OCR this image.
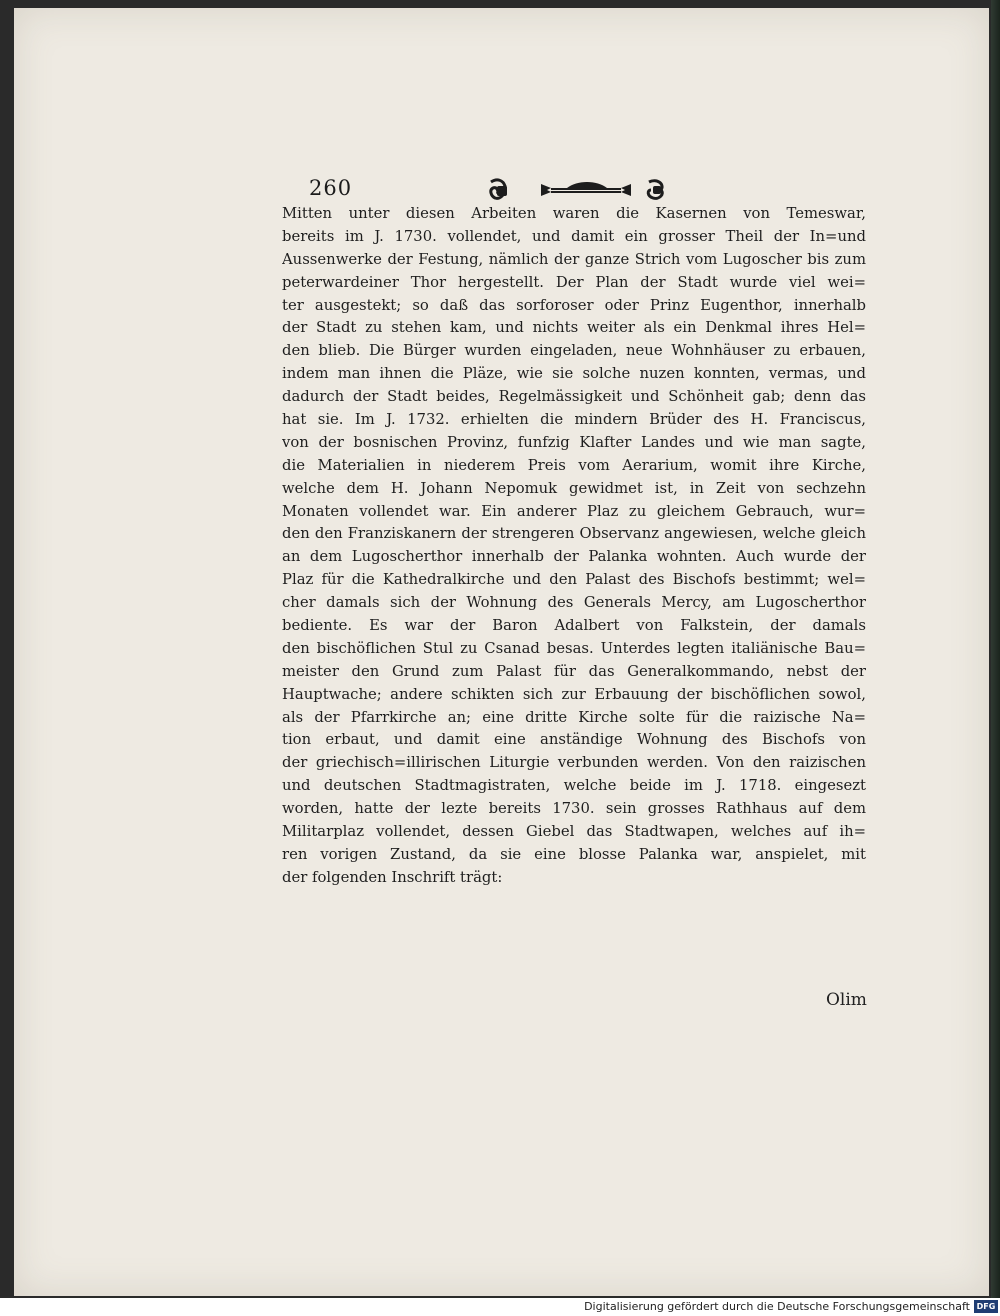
260
Mitten unter diesen Arbeiten waren die Kasernen von Temeswar,
bereits im J. 1730. vollendet, und damit ein grosser Theil der In=und
Aussenwerke der Festung, nämlich der ganze Strich vom Lugoscher bis zum
peterwardeiner Thor hergestellt. Der Plan der Stadt wurde viel wei=
ter ausgestekt; so daß das sorforoser oder Prinz Eugenthor, innerhalb
der Stadt zu stehen kam, und nichts weiter als ein Denkmal ihres Hel=
den blieb. Die Bürger wurden eingeladen, neue Wohnhäuser zu erbauen,
indem man ihnen die Pläze, wie sie solche nuzen konnten, vermas, und
dadurch der Stadt beides, Regelmässigkeit und Schönheit gab; denn das
hat sie. Im J. 1732. erhielten die mindern Brüder des H. Franciscus,
von der bosnischen Provinz, funfzig Klafter Landes und wie man sagte,
die Materialien in niederem Preis vom Aerarium, womit ihre Kirche,
welche dem H. Johann Nepomuk gewidmet ist, in Zeit von sechzehn
Monaten vollendet war. Ein anderer Plaz zu gleichem Gebrauch, wur=
den den Franziskanern der strengeren Observanz angewiesen, welche gleich
an dem Lugoscherthor innerhalb der Palanka wohnten. Auch wurde der
Plaz für die Kathedralkirche und den Palast des Bischofs bestimmt; wel=
cher damals sich der Wohnung des Generals Mercy, am Lugoscherthor
bediente. Es war der Baron Adalbert von Falkstein, der damals
den bischöflichen Stul zu Csanad besas. Unterdes legten italiänische Bau=
meister den Grund zum Palast für das Generalkommando, nebst der
Hauptwache; andere schikten sich zur Erbauung der bischöflichen sowol,
als der Pfarrkirche an; eine dritte Kirche solte für die raizische Na=
tion erbaut, und damit eine anständige Wohnung des Bischofs von
der griechisch=illirischen Liturgie verbunden werden. Von den raizischen
und deutschen Stadtmagistraten, welche beide im J. 1718. eingesezt
worden, hatte der lezte bereits 1730. sein grosses Rathhaus auf dem
Militarplaz vollendet, dessen Giebel das Stadtwapen, welches auf ih=
ren vorigen Zustand, da sie eine blosse Palanka war, anspielet, mit
der folgenden Inschrift trägt:
Olim
Digitalisierung gefördert durch die Deutsche Forschungsgemeinschaft DFG
